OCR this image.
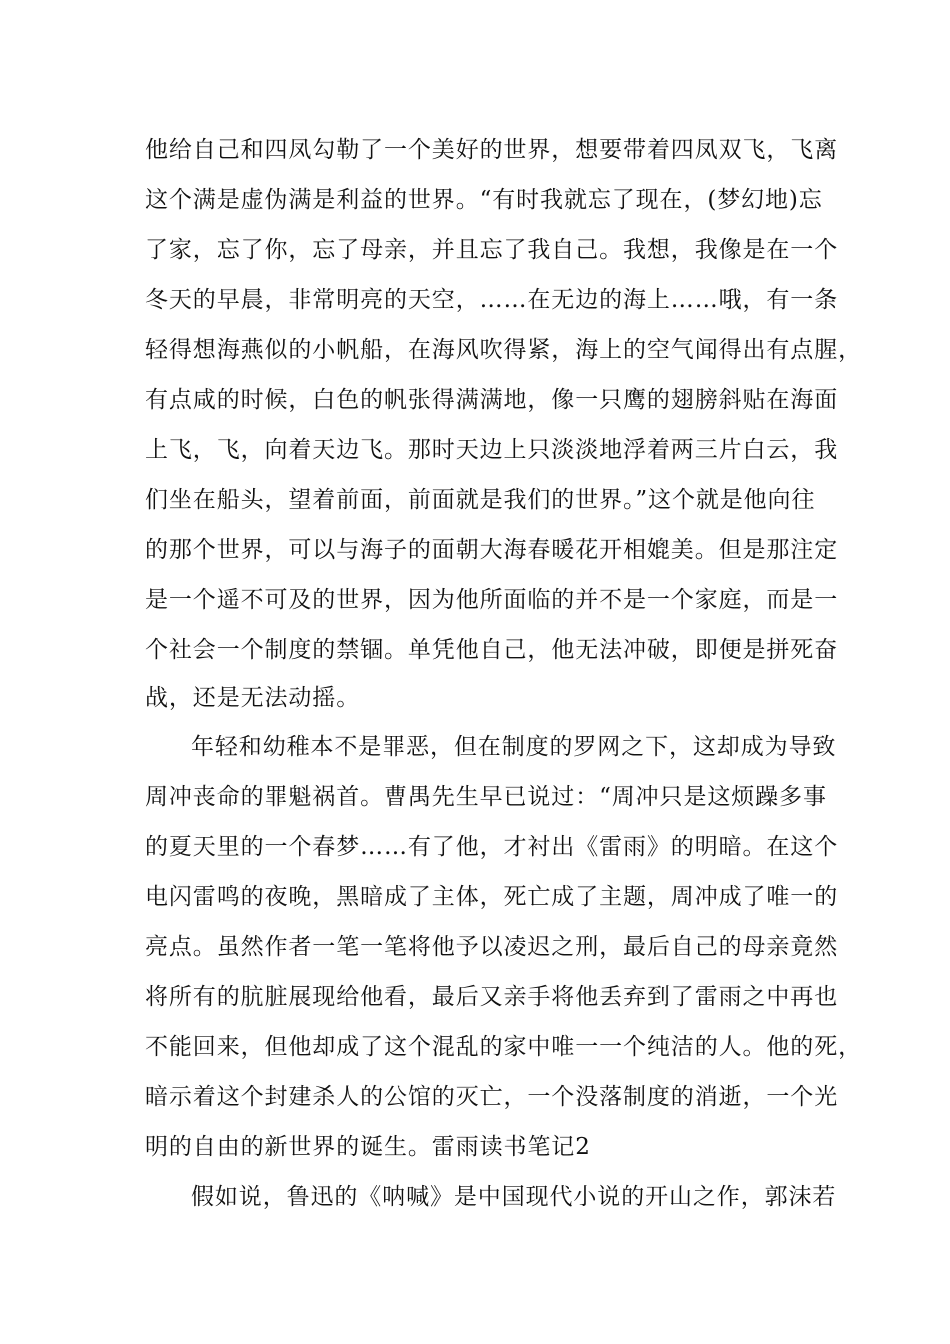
他给自己和四凤勾勒了一个美好的世界，想要带着四凤双飞，飞离
这个满是虚伪满是利益的世界。“有时我就忘了现在，(梦幻地)忘
了家，忘了你，忘了母亲，并且忘了我自己。我想，我像是在一个
冬天的早晨，非常明亮的天空，……在无边的海上……哦，有一条
轻得想海燕似的小帆船，在海风吹得紧，海上的空气闻得出有点腥，
有点咸的时候，白色的帆张得满满地，像一只鹰的翅膀斜贴在海面
上飞，飞，向着天边飞。那时天边上只淡淡地浮着两三片白云，我
们坐在船头，望着前面，前面就是我们的世界。”这个就是他向往
的那个世界，可以与海子的面朝大海春暖花开相媲美。但是那注定
是一个遥不可及的世界，因为他所面临的并不是一个家庭，而是一
个社会一个制度的禁锢。单凭他自己，他无法冲破，即便是拼死奋
战，还是无法动摇。
年轻和幼稚本不是罪恶，但在制度的罗网之下，这却成为导致
周冲丧命的罪魁祸首。曹禺先生早已说过：“周冲只是这烦躁多事
的夏天里的一个春梦……有了他，才衬出《雷雨》的明暗。在这个
电闪雷鸣的夜晚，黑暗成了主体，死亡成了主题，周冲成了唯一的
亮点。虽然作者一笔一笔将他予以凌迟之刑，最后自己的母亲竟然
将所有的肮脏展现给他看，最后又亲手将他丢弃到了雷雨之中再也
不能回来，但他却成了这个混乱的家中唯一一个纯洁的人。他的死，
暗示着这个封建杀人的公馆的灭亡，一个没落制度的消逝，一个光
明的自由的新世界的诞生。雷雨读书笔记2
假如说，鲁迅的《呐喊》是中国现代小说的开山之作，郭沫若
